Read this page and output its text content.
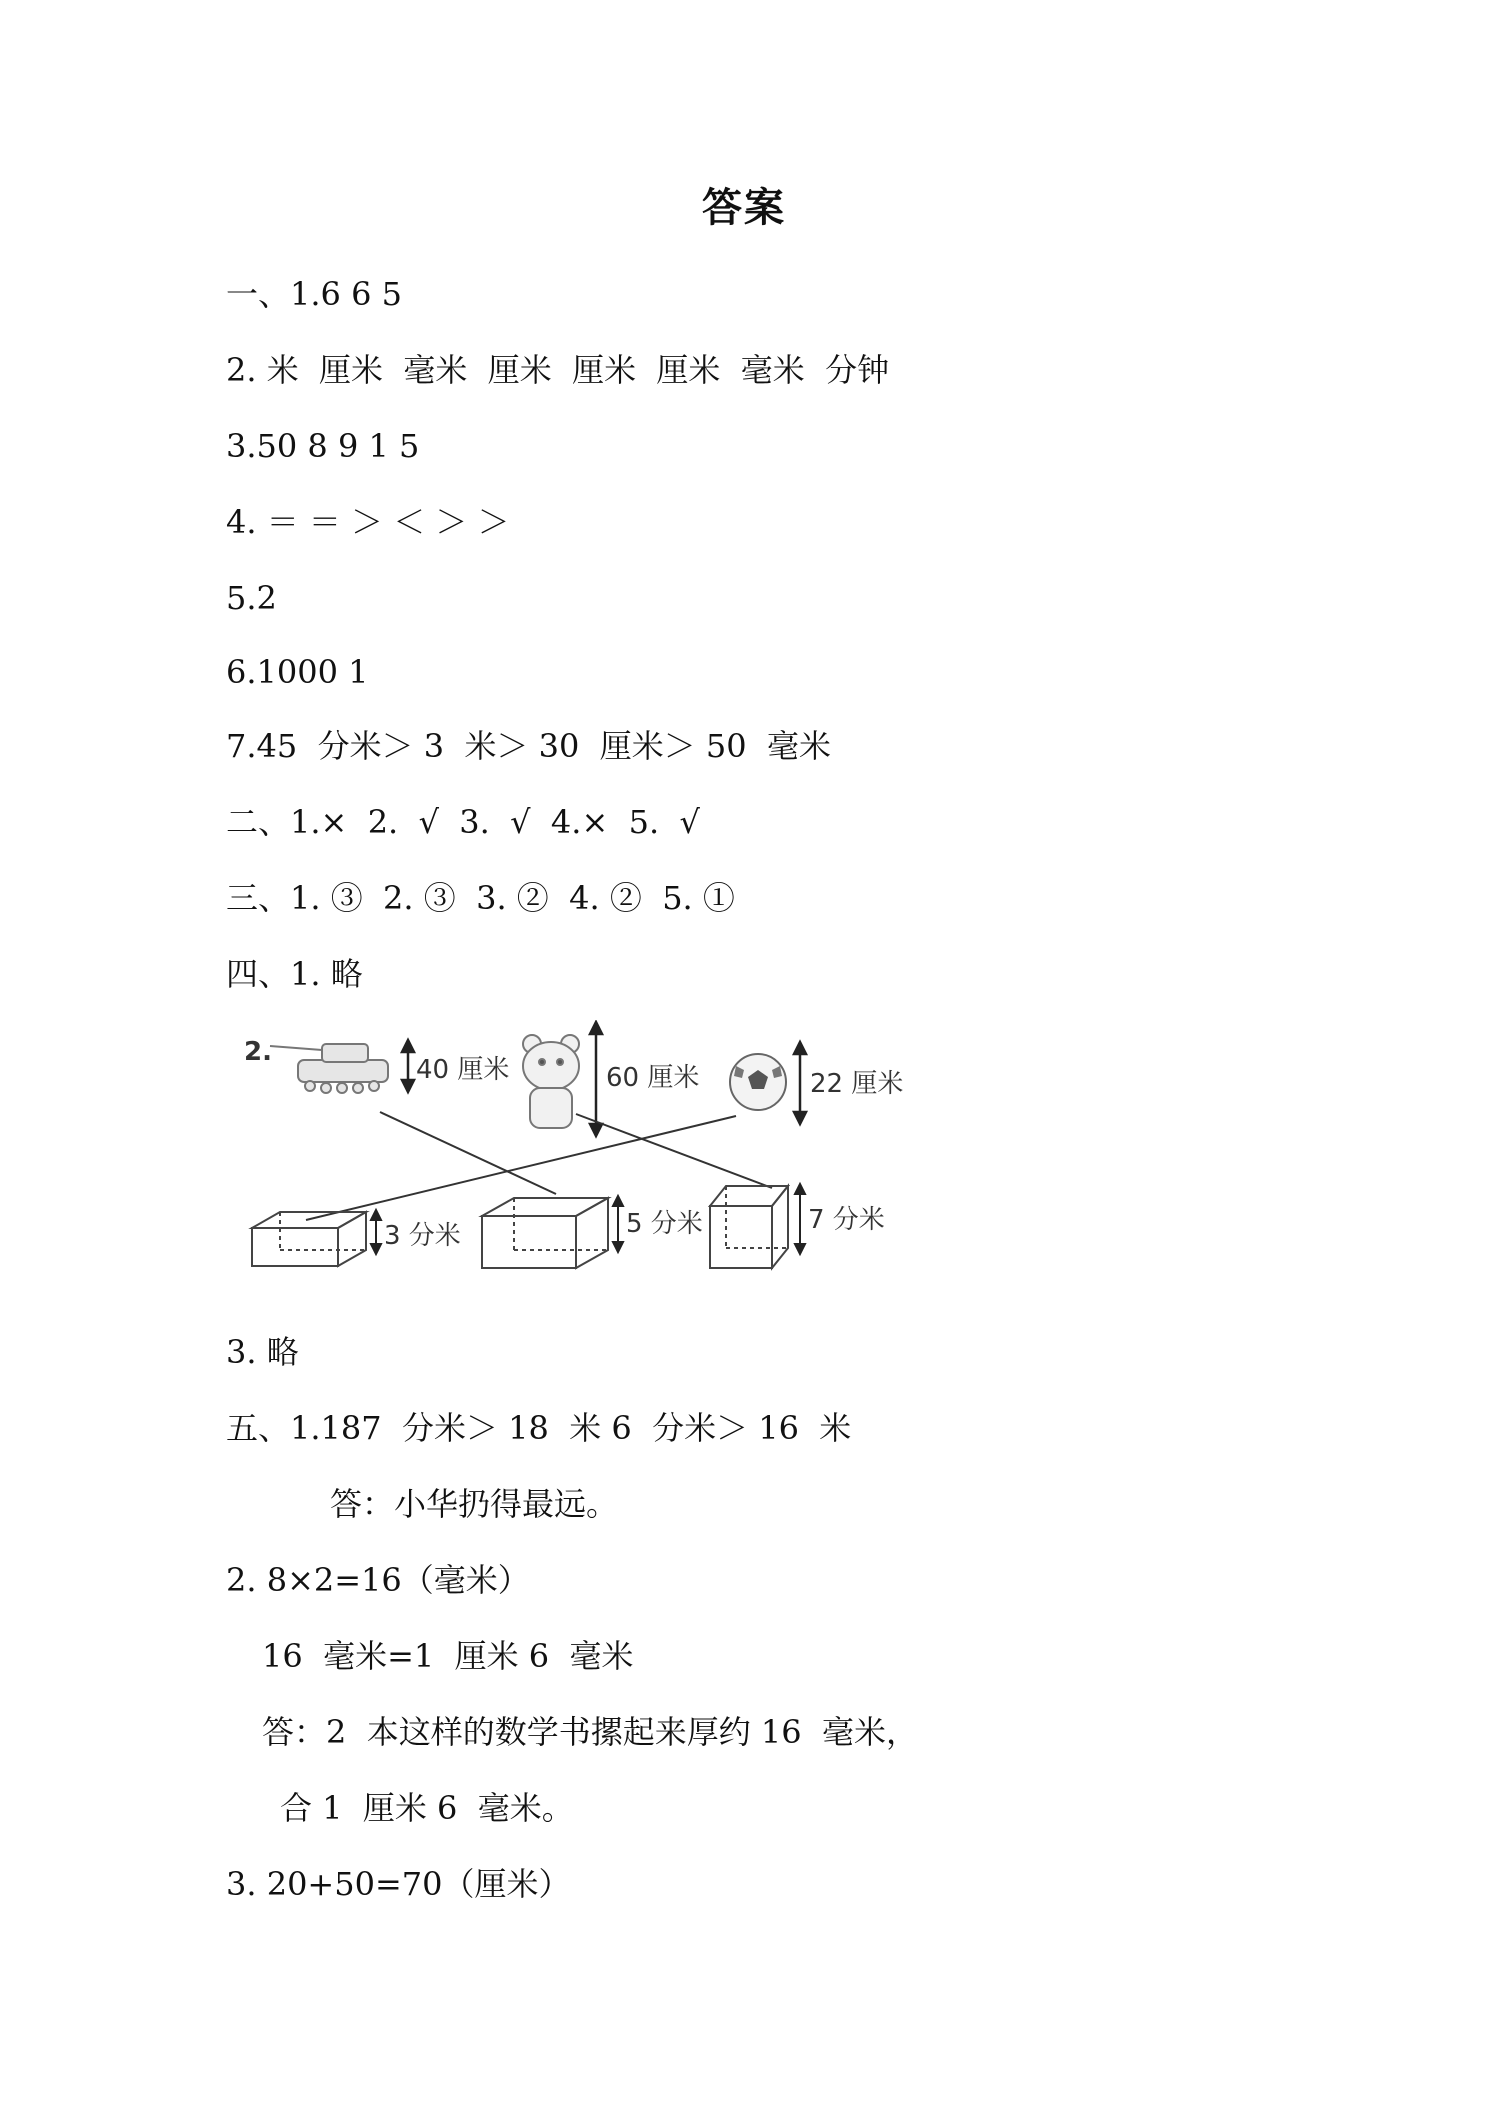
答案
一、1.6 6 5
2. 米  厘米  毫米  厘米  厘米  厘米  毫米  分钟
3.50 8 9 1 5
4. ＝ ＝ ＞ ＜ ＞ ＞
5.2
6.1000 1
7.45  分米＞ 3  米＞ 30  厘米＞ 50  毫米
二、1.×  2.  √  3.  √  4.×  5.  √
三、1. ③  2. ③  3. ②  4. ②  5. ①
四、1. 略
2.
40 厘米	60 厘米	22 厘米
3 分米	5 分米	7 分米
3. 略
五、1.187  分米＞ 18  米 6  分米＞ 16  米
答：小华扔得最远。
2. 8×2=16（毫米）
16  毫米=1  厘米 6  毫米
答：2  本这样的数学书摞起来厚约 16  毫米，
合 1  厘米 6  毫米。
3. 20+50=70（厘米）
